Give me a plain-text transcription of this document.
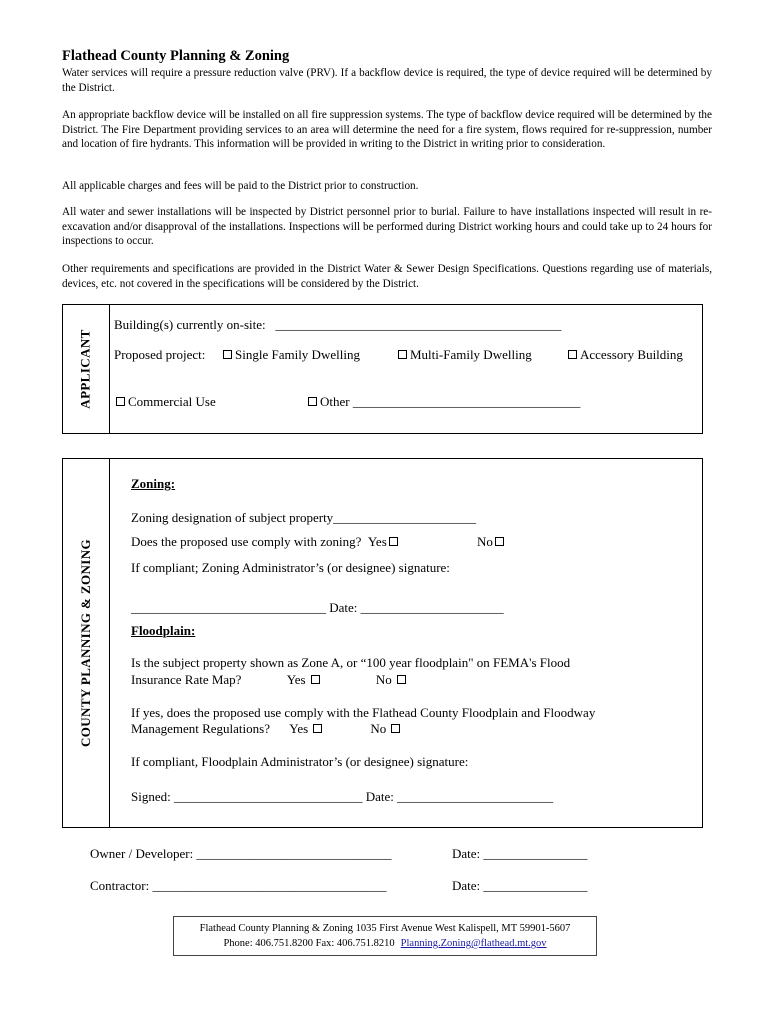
Flathead County Planning & Zoning
Water services will require a pressure reduction valve (PRV). If a backflow device is required, the type of device required will be determined by the District.
An appropriate backflow device will be installed on all fire suppression systems. The type of backflow device required will be determined by the District. The Fire Department providing services to an area will determine the need for a fire system, flows required for re-suppression, number and location of fire hydrants. This information will be provided in writing to the District in writing prior to consideration.
All applicable charges and fees will be paid to the District prior to construction.
All water and sewer installations will be inspected by District personnel prior to burial. Failure to have installations inspected will result in re-excavation and/or disapproval of the installations. Inspections will be performed during District working hours and could take up to 24 hours for inspections to occur.
Other requirements and specifications are provided in the District Water & Sewer Design Specifications. Questions regarding use of materials, devices, etc. not covered in the specifications will be considered by the District.
APPLICANT
Building(s) currently on-site: ____________________________________________
Proposed project:	Single Family Dwelling	Multi-Family Dwelling	Accessory Building
Commercial Use	Other ___________________________________
COUNTY PLANNING & ZONING
Zoning:
Zoning designation of subject property______________________
Does the proposed use comply with zoning? Yes	No
If compliant; Zoning Administrator’s (or designee) signature:
______________________________ Date: ______________________
Floodplain:
Is the subject property shown as Zone A, or “100 year floodplain" on FEMA's Flood
Insurance Rate Map?	Yes	No
If yes, does the proposed use comply with the Flathead County Floodplain and Floodway
Management Regulations? Yes	No
If compliant, Floodplain Administrator’s (or designee) signature:
Signed: _____________________________ Date: ________________________
Owner / Developer: ______________________________	Date: ________________
Contractor: ____________________________________	Date: ________________
Flathead County Planning & Zoning 1035 First Avenue West Kalispell, MT 59901-5607
Phone: 406.751.8200 Fax: 406.751.8210 Planning.Zoning@flathead.mt.gov
